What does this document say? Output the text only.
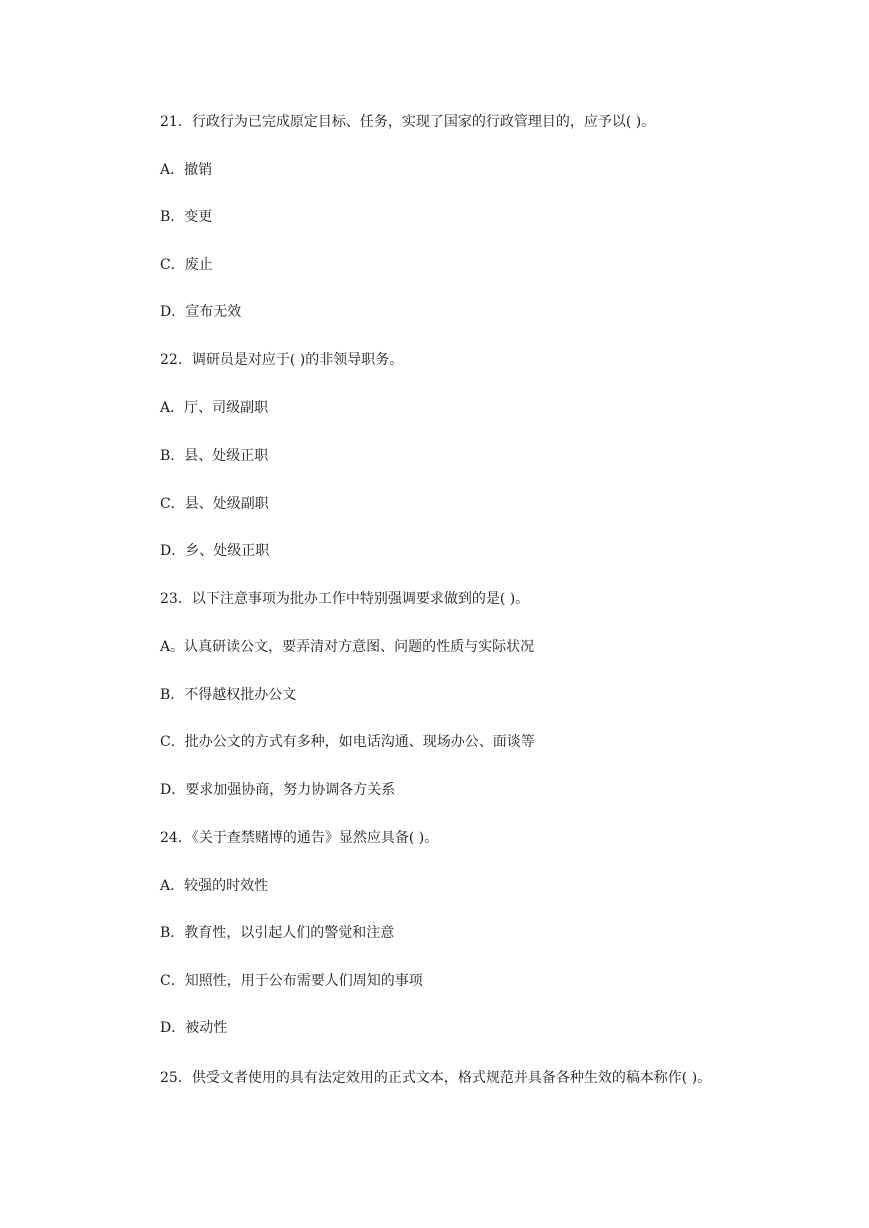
21．行政行为已完成原定目标、任务，实现了国家的行政管理目的，应予以( )。
A．撤销
B．变更
C．废止
D．宣布无效
22．调研员是对应于( )的非领导职务。
A．厅、司级副职
B．县、处级正职
C．县、处级副职
D．乡、处级正职
23．以下注意事项为批办工作中特别强调要求做到的是( )。
A。认真研读公文，要弄清对方意图、问题的性质与实际状况
B．不得越权批办公文
C．批办公文的方式有多种，如电话沟通、现场办公、面谈等
D．要求加强协商，努力协调各方关系
24．《关于查禁赌博的通告》显然应具备( )。
A．较强的时效性
B．教育性，以引起人们的警觉和注意
C．知照性，用于公布需要人们周知的事项
D．被动性
25．供受文者使用的具有法定效用的正式文本，格式规范并具备各种生效的稿本称作( )。
